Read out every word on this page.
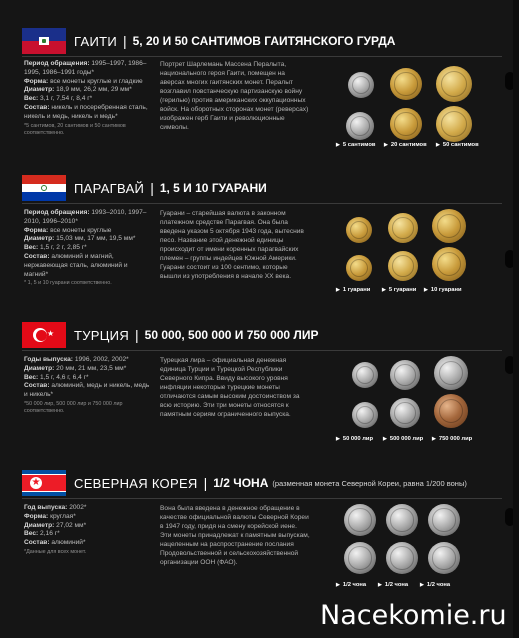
ГАИТИ | 5, 20 И 50 САНТИМОВ ГАИТЯНСКОГО ГУРДА
Период обращения: 1995–1997, 1986–1995, 1986–1991 годы*
Форма: все монеты круглые и гладкие
Диаметр: 18,9 мм, 26,2 мм, 29 мм*
Вес: 3,1 г, 7,54 г, 8,4 г*
Состав: никель и посеребренная сталь, никель и медь, никель и медь*
*5 сантимов, 20 сантимов и 50 сантимов соответственно.
Портрет Шарлемань Массена Пералыта, национального героя Гаити, помещен на аверсах многих гаитянских монет. Пералыт возглавил повстанческую партизанскую войну (герилью) против американских оккупационных войск. На оборотных сторонах монет (реверсах) изображен герб Гаити и революционные символы.
▶ 5 сантимов ▶ 20 сантимов ▶ 50 сантимов
ПАРАГВАЙ | 1, 5 И 10 ГУАРАНИ
Период обращения: 1993–2010, 1997–2010, 1996–2010*
Форма: все монеты круглые
Диаметр: 15,03 мм, 17 мм, 19,5 мм*
Вес: 1,5 г, 2 г, 2,85 г*
Состав: алюминий и магний, нержавеющая сталь, алюминий и магний*
* 1, 5 и 10 гуарани соответственно.
Гуарани – старейшая валюта в законном платежном средстве Парагвая. Она была введена указом 5 октября 1943 года, вытеснив песо. Название этой денежной единицы происходит от имени коренных парагвайских племен – группы индейцев Южной Америки. Гуарани состоит из 100 сентимо, которые вышли из употребления в начале XX века.
▶ 1 гуарани ▶ 5 гуарани ▶ 10 гуарани
★ ТУРЦИЯ | 50 000, 500 000 И 750 000 ЛИР
Годы выпуска: 1996, 2002, 2002*
Диаметр: 20 мм, 21 мм, 23,5 мм*
Вес: 1,5 г, 4,6 г, 6,4 г*
Состав: алюминий, медь и никель, медь и никель*
*50 000 лир, 500 000 лир и 750 000 лир соответственно.
Турецкая лира – официальная денежная единица Турции и Турецкой Республики Северного Кипра. Ввиду высокого уровня инфляции некоторые турецкие монеты отличаются самым высоким достоинством за всю историю. Эти три монеты относятся к памятным сериям ограниченного выпуска.
▶ 50 000 лир ▶ 500 000 лир ▶ 750 000 лир
★	СЕВЕРНАЯ КОРЕЯ | 1/2 ЧОНА (разменная монета Северной Кореи, равна 1/200 воны)
Год выпуска: 2002*
Форма: круглая*
Диаметр: 27,02 мм*
Вес: 2,16 г*
Состав: алюминий*
*Данные для всех монет.
Вона была введена в денежное обращение в качестве официальной валюты Северной Кореи в 1947 году, придя на смену корейской иене. Эти монеты принадлежат к памятным выпускам, нацеленным на распространение послания Продовольственной и сельскохозяйственной организации ООН (ФАО).
▶ 1/2 чона ▶ 1/2 чона ▶ 1/2 чона
Nacekomie.ru
